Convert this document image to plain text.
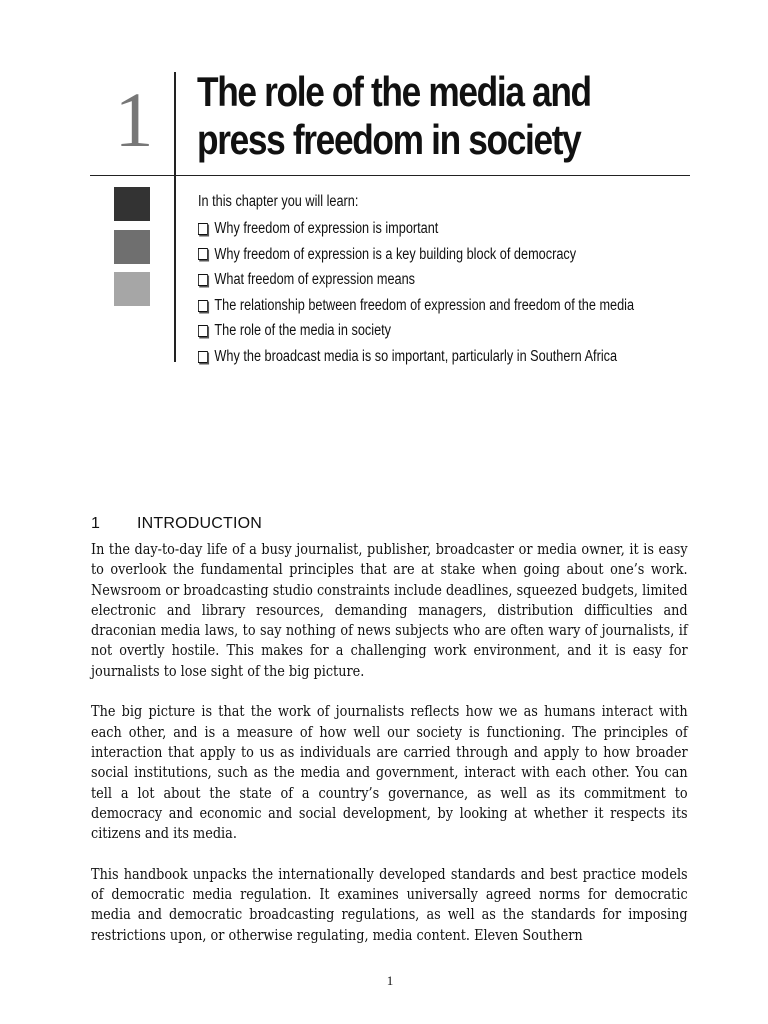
1 The role of the media and
press freedom in society

In this chapter you will learn:

Why freedom of expression is important
Why freedom of expression is a key building block of democracy
What freedom of expression means
The relationship between freedom of expression and freedom of the media
The role of the media in society
Why the broadcast media is so important, particularly in Southern Africa
1 INTRODUCTION

In the day-to-day life of a busy journalist, publisher, broadcaster or media owner, it is easy to overlook the fundamental principles that are at stake when going about one’s work. Newsroom or broadcasting studio constraints include deadlines, squeezed budgets, limited electronic and library resources, demanding managers, distribution difficulties and draconian media laws, to say nothing of news subjects who are often wary of journalists, if not overtly hostile. This makes for a challenging work environment, and it is easy for journalists to lose sight of the big picture.

The big picture is that the work of journalists reflects how we as humans interact with each other, and is a measure of how well our society is functioning. The principles of interaction that apply to us as individuals are carried through and apply to how broader social institutions, such as the media and government, interact with each other. You can tell a lot about the state of a country’s governance, as well as its commitment to democracy and economic and social development, by looking at whether it respects its citizens and its media.

This handbook unpacks the internationally developed standards and best practice models of democratic media regulation. It examines universally agreed norms for democratic media and democratic broadcasting regulations, as well as the standards for imposing restrictions upon, or otherwise regulating, media content. Eleven Southern

1
